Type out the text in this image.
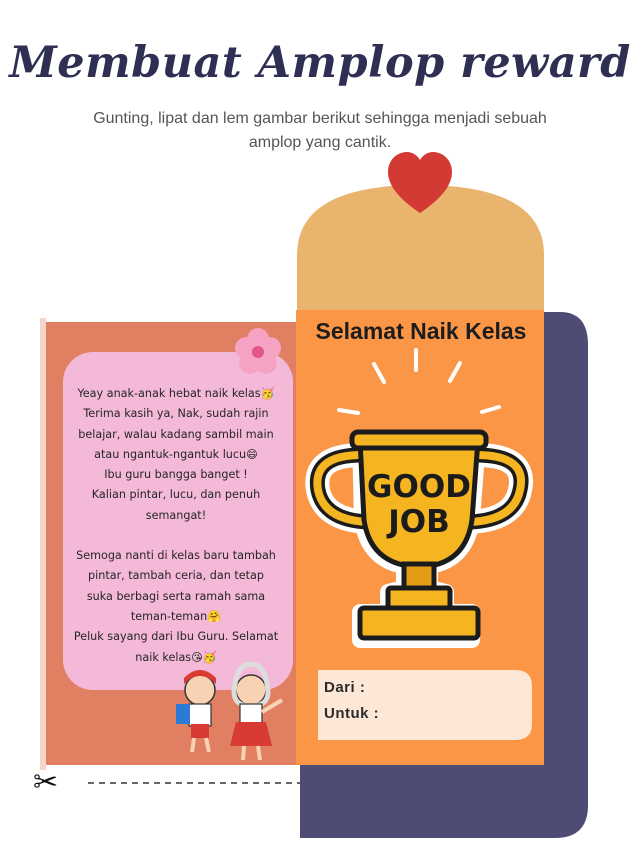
Membuat Amplop reward
Gunting, lipat dan lem gambar berikut sehingga menjadi sebuah
amplop yang cantik.
GOOD
JOB
Selamat Naik Kelas

Yeay anak-anak hebat naik kelas🥳

Terima kasih ya, Nak, sudah rajin

belajar, walau kadang sambil main

atau ngantuk-ngantuk lucu😄

Ibu guru bangga banget !

Kalian pintar, lucu, dan penuh

semangat!

Semoga nanti di kelas baru tambah

pintar, tambah ceria, dan tetap

suka berbagi serta ramah sama

teman-teman🤗

Peluk sayang dari Ibu Guru. Selamat

naik kelas😘🥳

Dari :
Untuk :
✂
